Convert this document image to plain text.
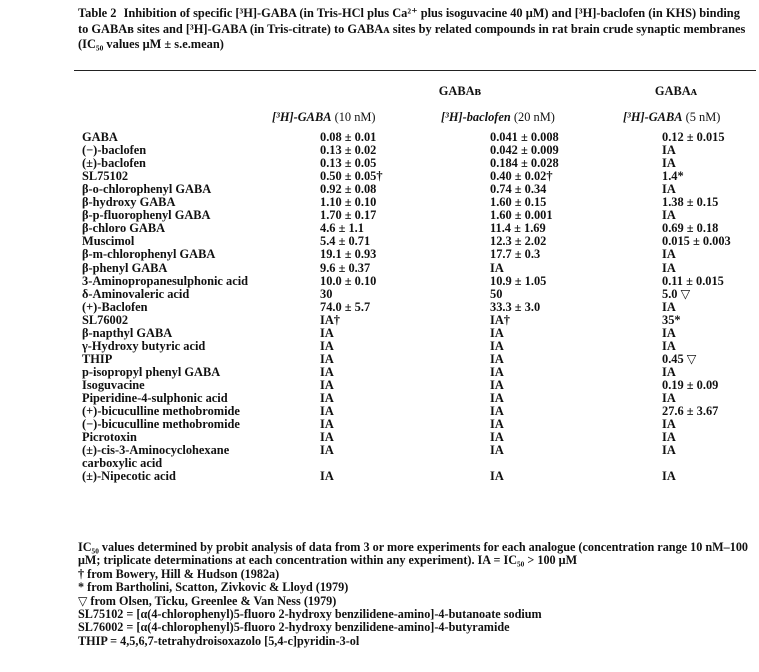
Table 2 Inhibition of specific [³H]-GABA (in Tris-HCl plus Ca²⁺ plus isoguvacine 40 μM) and [³H]-baclofen (in KHS) binding to GABAв sites and [³H]-GABA (in Tris-citrate) to GABAᴀ sites by related compounds in rat brain crude synaptic membranes (IC₅₀ values μM ± s.e.mean)
GABAв	GABAᴀ
[³H]-GABA (10 nM)	[³H]-baclofen (20 nM)	[³H]-GABA (5 nM)
GABA	0.08 ± 0.01	0.041 ± 0.008	0.12 ± 0.015
(−)-baclofen	0.13 ± 0.02	0.042 ± 0.009	IA
(±)-baclofen	0.13 ± 0.05	0.184 ± 0.028	IA
SL75102	0.50 ± 0.05†	0.40 ± 0.02†	1.4*
β-o-chlorophenyl GABA	0.92 ± 0.08	0.74 ± 0.34	IA
β-hydroxy GABA	1.10 ± 0.10	1.60 ± 0.15	1.38 ± 0.15
β-p-fluorophenyl GABA	1.70 ± 0.17	1.60 ± 0.001	IA
β-chloro GABA	4.6 ± 1.1	11.4 ± 1.69	0.69 ± 0.18
Muscimol	5.4 ± 0.71	12.3 ± 2.02	0.015 ± 0.003
β-m-chlorophenyl GABA	19.1 ± 0.93	17.7 ± 0.3	IA
β-phenyl GABA	9.6 ± 0.37	IA	IA
3-Aminopropanesulphonic acid	10.0 ± 0.10	10.9 ± 1.05	0.11 ± 0.015
δ-Aminovaleric acid	30	50	5.0 ▽
(+)-Baclofen	74.0 ± 5.7	33.3 ± 3.0	IA
SL76002	IA†	IA†	35*
β-napthyl GABA	IA	IA	IA
γ-Hydroxy butyric acid	IA	IA	IA
THIP	IA	IA	0.45 ▽
p-isopropyl phenyl GABA	IA	IA	IA
Isoguvacine	IA	IA	0.19 ± 0.09
Piperidine-4-sulphonic acid	IA	IA	IA
(+)-bicuculline methobromide	IA	IA	27.6 ± 3.67
(−)-bicuculline methobromide	IA	IA	IA
Picrotoxin	IA	IA	IA
(±)-cis-3-Aminocyclohexane	IA	IA	IA
carboxylic acid
(±)-Nipecotic acid	IA	IA	IA
IC₅₀ values determined by probit analysis of data from 3 or more experiments for each analogue (concentration range 10 nM–100 μM; triplicate determinations at each concentration within any experiment). IA = IC₅₀ > 100 μM
† from Bowery, Hill & Hudson (1982a)
* from Bartholini, Scatton, Zivkovic & Lloyd (1979)
▽ from Olsen, Ticku, Greenlee & Van Ness (1979)
SL75102 = [α(4-chlorophenyl)5-fluoro 2-hydroxy benzilidene-amino]-4-butanoate sodium
SL76002 = [α(4-chlorophenyl)5-fluoro 2-hydroxy benzilidene-amino]-4-butyramide
THIP = 4,5,6,7-tetrahydroisoxazolo [5,4-c]pyridin-3-ol
